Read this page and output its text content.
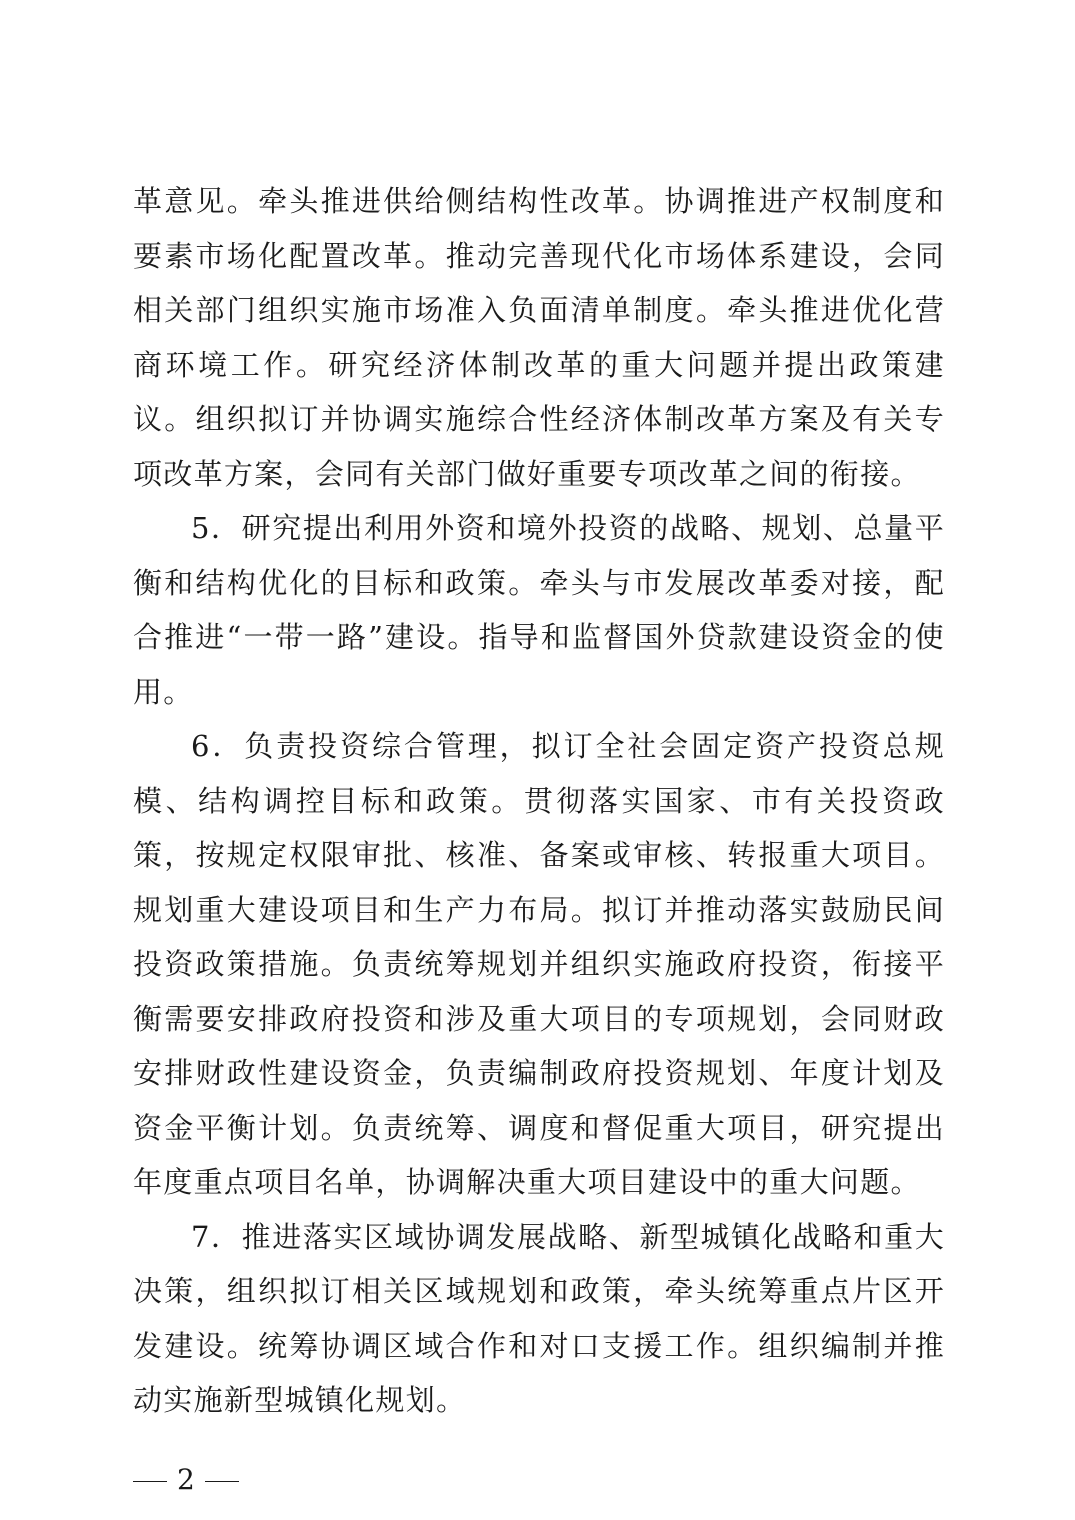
革意见。牵头推进供给侧结构性改革。协调推进产权制度和要素市场化配置改革。推动完善现代化市场体系建设，会同相关部门组织实施市场准入负面清单制度。牵头推进优化营商环境工作。研究经济体制改革的重大问题并提出政策建议。组织拟订并协调实施综合性经济体制改革方案及有关专项改革方案，会同有关部门做好重要专项改革之间的衔接。

5．研究提出利用外资和境外投资的战略、规划、总量平衡和结构优化的目标和政策。牵头与市发展改革委对接，配合推进“一带一路”建设。指导和监督国外贷款建设资金的使用。

6．负责投资综合管理，拟订全社会固定资产投资总规模、结构调控目标和政策。贯彻落实国家、市有关投资政策，按规定权限审批、核准、备案或审核、转报重大项目。规划重大建设项目和生产力布局。拟订并推动落实鼓励民间投资政策措施。负责统筹规划并组织实施政府投资，衔接平衡需要安排政府投资和涉及重大项目的专项规划，会同财政安排财政性建设资金，负责编制政府投资规划、年度计划及资金平衡计划。负责统筹、调度和督促重大项目，研究提出年度重点项目名单，协调解决重大项目建设中的重大问题。

7．推进落实区域协调发展战略、新型城镇化战略和重大决策，组织拟订相关区域规划和政策，牵头统筹重点片区开发建设。统筹协调区域合作和对口支援工作。组织编制并推动实施新型城镇化规划。

2
